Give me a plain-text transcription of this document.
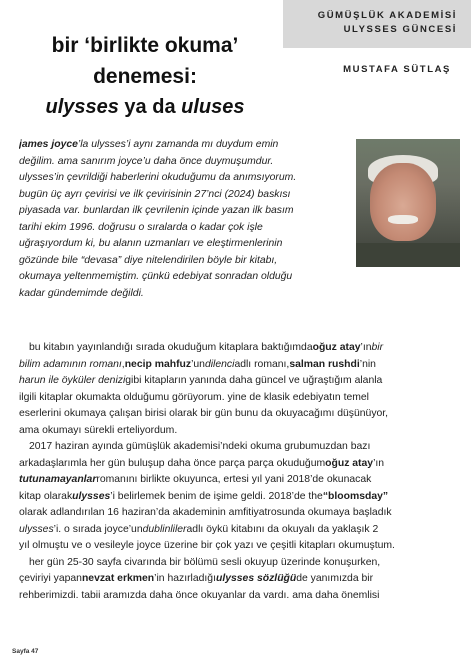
GÜMÜŞLÜK AKADEMİSİ
ULYSSES GÜNCESİ
MUSTAFA SÜTLAŞ
bir ‘birlikte okuma’
denemesi:
ulysses ya da uluses
james joyce’la ulysses’i aynı zamanda mı duydum emin
değilim. ama sanırım joyce’u daha önce duymuşumdur.
ulysses’in çevrildiği haberlerini okuduğumu da anımsıyorum.
bugün üç ayrı çevirisi ve ilk çevirisinin 27’nci (2024) baskısı
piyasada var. bunlardan ilk çevrilenin içinde yazan ilk basım
tarihi ekim 1996. doğrusu o sıralarda o kadar çok işle
uğraşıyordum ki, bu alanın uzmanları ve eleştirmenlerinin
gözünde bile “devasa” diye nitelendirilen böyle bir kitabı,
okumaya yeltenmemiştim. çünkü edebiyat sonradan olduğu
kadar gündemimde değildi.
bu kitabın yayınlandığı sırada okuduğum kitaplara baktığımda oğuz atay ’ın bir
bilim adamının romanı , necip mahfuz ’un dilenci adlı romanı, salman rushdi ’nin
harun ile öyküler denizi gibi kitapların yanında daha güncel ve uğraştığım alanla
ilgili kitaplar okumakta olduğumu görüyorum. yine de klasik edebiyatın temel
eserlerini okumaya çalışan birisi olarak bir gün bunu da okuyacağımı düşünüyor,
ama okumayı sürekli erteliyordum.
2017 haziran ayında gümüşlük akademisi’ndeki okuma grubumuzdan bazı
arkadaşlarımla her gün buluşup daha önce parça parça okuduğum oğuz atay ’ın
tutunamayanlar romanını birlikte okuyunca, ertesi yıl yani 2018’de okunacak
kitap olarak ulysses ’i belirlemek benim de işime geldi. 2018’de the “bloomsday”
olarak adlandırılan 16 haziran’da akademinin amfitiyatrosunda okumaya başladık
ulysses ’i. o sırada joyce’un dublinliler adlı öykü kitabını da okuyalı da yaklaşık 2
yıl olmuştu ve o vesileyle joyce üzerine bir çok yazı ve çeşitli kitapları okumuştum.
her gün 25-30 sayfa civarında bir bölümü sesli okuyup üzerinde konuşurken,
çeviriyi yapan nevzat erkmen ’in hazırladığı ulysses sözlüğü de yanımızda bir
rehberimizdi. tabii aramızda daha önce okuyanlar da vardı. ama daha önemlisi
Sayfa 47
